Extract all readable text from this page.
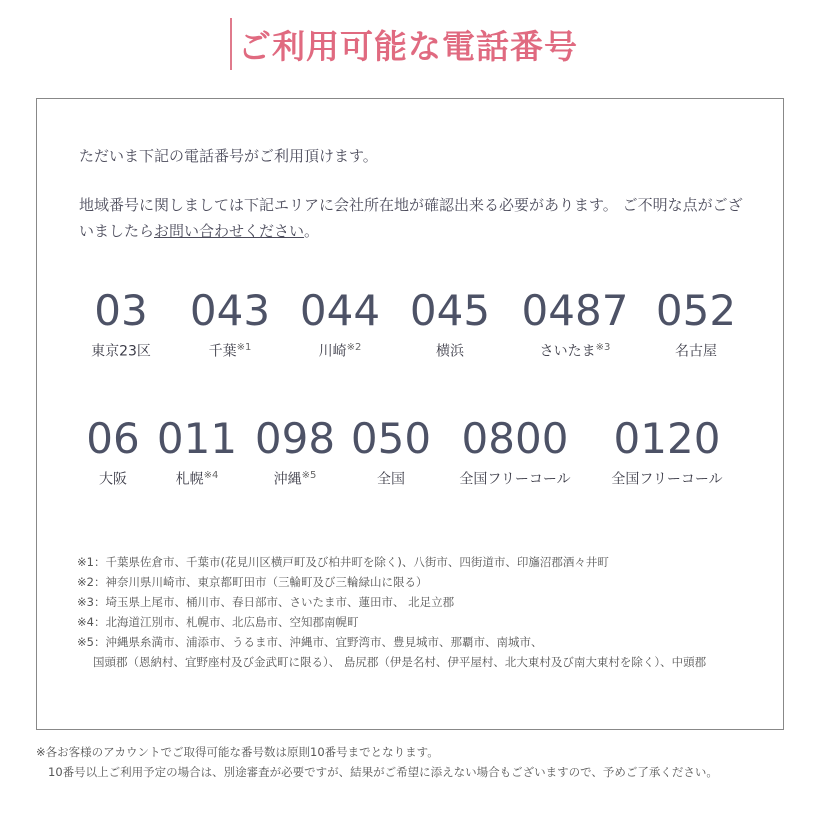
ご利用可能な電話番号
ただいま下記の電話番号がご利用頂けます。
地域番号に関しましては下記エリアに会社所在地が確認出来る必要があります。 ご不明な点がございましたらお問い合わせください。
03
東京23区
043
千葉$^{※1}$
044
川崎$^{※2}$
045
横浜
0487
さいたま$^{※3}$
052
名古屋
06
大阪
011
札幌$^{※4}$
098
沖縄$^{※5}$
050
全国
0800
全国フリーコール
0120
全国フリーコール
※1：千葉県佐倉市、千葉市(花見川区横戸町及び柏井町を除く)、八街市、四街道市、印旛沼郡酒々井町
※2：神奈川県川崎市、東京都町田市（三輪町及び三輪緑山に限る）
※3：埼玉県上尾市、桶川市、春日部市、さいたま市、蓮田市、 北足立郡
※4：北海道江別市、札幌市、北広島市、空知郡南幌町
※5：沖縄県糸満市、浦添市、うるま市、沖縄市、宜野湾市、豊見城市、那覇市、南城市、
国頭郡（恩納村、宜野座村及び金武町に限る）、 島尻郡（伊是名村、伊平屋村、北大東村及び南大東村を除く）、中頭郡
※各お客様のアカウントでご取得可能な番号数は原則10番号までとなります。
10番号以上ご利用予定の場合は、別途審査が必要ですが、結果がご希望に添えない場合もございますので、予めご了承ください。
